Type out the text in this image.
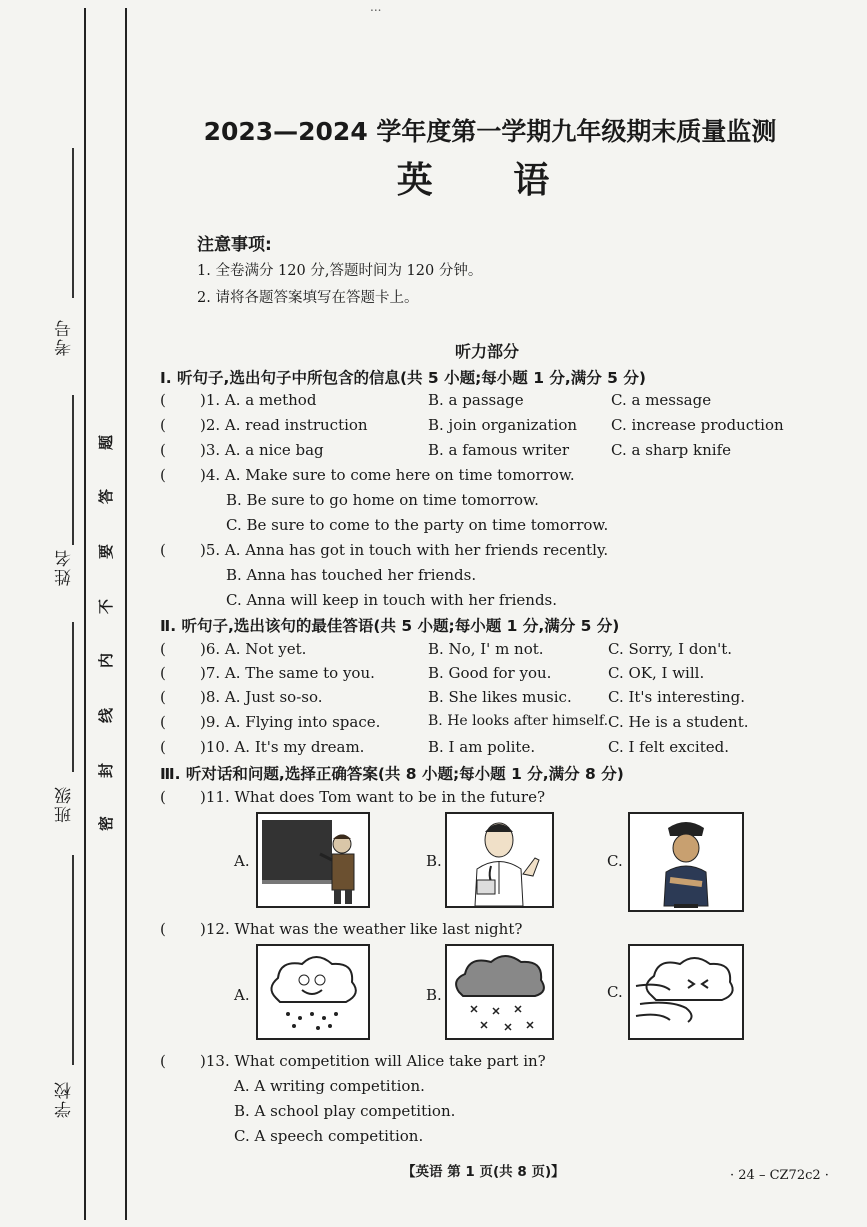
考号
姓名
班级
学校
题
答
要
不
内
线
封
密
...
2023—2024 学年度第一学期九年级期末质量监测
英 语
注意事项:
1. 全卷满分 120 分,答题时间为 120 分钟。
2. 请将各题答案填写在答题卡上。
听力部分
Ⅰ. 听句子,选出句子中所包含的信息(共 5 小题;每小题 1 分,满分 5 分)
( )1. A. a method	B. a passage	C. a message
( )2. A. read instruction	B. join organization C. increase production
( )3. A. a nice bag	B. a famous writer	C. a sharp knife
( )4. A. Make sure to come here on time tomorrow.
B. Be sure to go home on time tomorrow.
C. Be sure to come to the party on time tomorrow.
( )5. A. Anna has got in touch with her friends recently.
B. Anna has touched her friends.
C. Anna will keep in touch with her friends.
Ⅱ. 听句子,选出该句的最佳答语(共 5 小题;每小题 1 分,满分 5 分)
( )6. A. Not yet.	B. No, I' m not.	C. Sorry, I don't.
( )7. A. The same to you.	B. Good for you.	C. OK, I will.
( )8. A. Just so-so.	B. She likes music. C. It's interesting.
( )9. A. Flying into space.	B. He looks after himself. C. He is a student.
( )10. A. It's my dream.	B. I am polite.	C. I felt excited.
Ⅲ. 听对话和问题,选择正确答案(共 8 小题;每小题 1 分,满分 8 分)
( )11. What does Tom want to be in the future?
A.	B.	C.
( )12. What was the weather like last night?
A.	B.	C.
( )13. What competition will Alice take part in?
A. A writing competition.
B. A school play competition.
C. A speech competition.
【英语 第 1 页(共 8 页)】	· 24 – CZ72c2 ·
